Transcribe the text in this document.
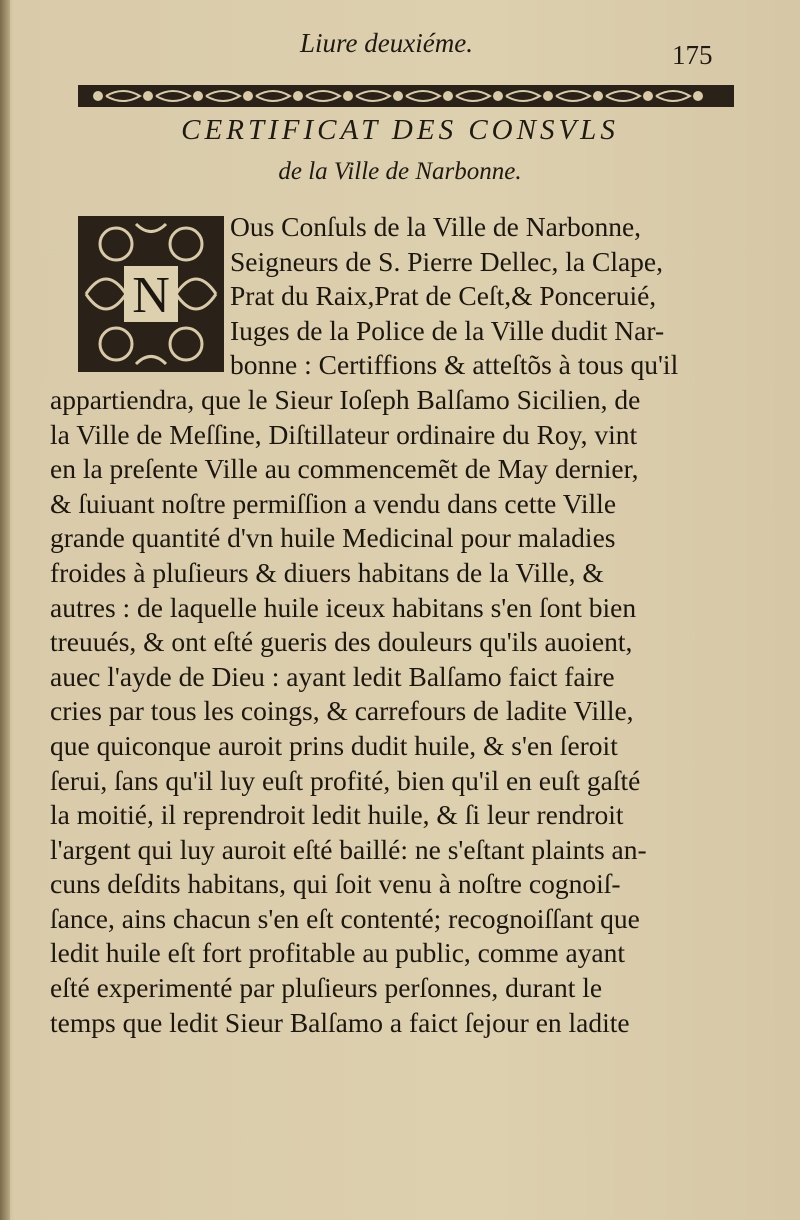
Liure deuxiéme.	175
CERTIFICAT DES CONSVLS
de la Ville de Narbonne.
N
Ous Conſuls de la Ville de Narbonne,
Seigneurs de S. Pierre Dellec, la Clape,
Prat du Raix,Prat de Ceſt,& Ponceruié,
Iuges de la Police de la Ville dudit Nar-
bonne : Certiffions & atteſtõs à tous qu'il
appartiendra, que le Sieur Ioſeph Balſamo Sicilien, de
la Ville de Meſſine, Diſtillateur ordinaire du Roy, vint
en la preſente Ville au commencemẽt de May dernier,
& ſuiuant noſtre permiſſion a vendu dans cette Ville
grande quantité d'vn huile Medicinal pour maladies
froides à pluſieurs & diuers habitans de la Ville, &
autres : de laquelle huile iceux habitans s'en ſont bien
treuués, & ont eſté gueris des douleurs qu'ils auoient,
auec l'ayde de Dieu : ayant ledit Balſamo faict faire
cries par tous les coings, & carrefours de ladite Ville,
que quiconque auroit prins dudit huile, & s'en ſeroit
ſerui, ſans qu'il luy euſt profité, bien qu'il en euſt gaſté
la moitié, il reprendroit ledit huile, & ſi leur rendroit
l'argent qui luy auroit eſté baillé: ne s'eſtant plaints an-
cuns deſdits habitans, qui ſoit venu à noſtre cognoiſ-
ſance, ains chacun s'en eſt contenté; recognoiſſant que
ledit huile eſt fort profitable au public, comme ayant
eſté experimenté par pluſieurs perſonnes, durant le
temps que ledit Sieur Balſamo a faict ſejour en ladite
